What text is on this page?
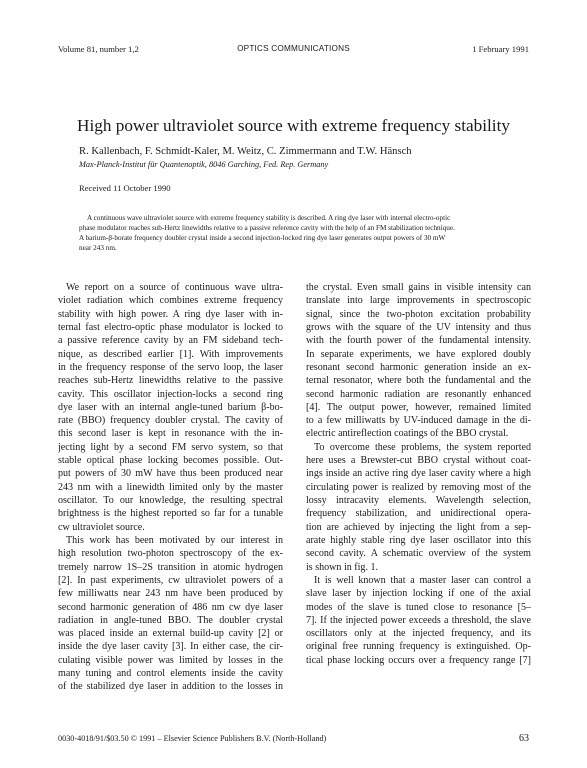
Volume 81, number 1,2	OPTICS COMMUNICATIONS	1 February 1991
High power ultraviolet source with extreme frequency stability
R. Kallenbach, F. Schmidt-Kaler, M. Weitz, C. Zimmermann and T.W. Hänsch
Max-Planck-Institut für Quantenoptik, 8046 Garching, Fed. Rep. Germany
Received 11 October 1990
A continuous wave ultraviolet source with extreme frequency stability is described. A ring dye laser with internal electro-optic
phase modulator reaches sub-Hertz linewidths relative to a passive reference cavity with the help of an FM stabilization technique.
A barium-β-borate frequency doubler crystal inside a second injection-locked ring dye laser generates output powers of 30 mW
near 243 nm.
We report on a source of continuous wave ultra-
violet radiation which combines extreme frequency
stability with high power. A ring dye laser with in-
ternal fast electro-optic phase modulator is locked to
a passive reference cavity by an FM sideband tech-
nique, as described earlier [1]. With improvements
in the frequency response of the servo loop, the laser
reaches sub-Hertz linewidths relative to the passive
cavity. This oscillator injection-locks a second ring
dye laser with an internal angle-tuned barium β-bo-
rate (BBO) frequency doubler crystal. The cavity of
this second laser is kept in resonance with the in-
jecting light by a second FM servo system, so that
stable optical phase locking becomes possible. Out-
put powers of 30 mW have thus been produced near
243 nm with a linewidth limited only by the master
oscillator. To our knowledge, the resulting spectral
brightness is the highest reported so far for a tunable
cw ultraviolet source.
This work has been motivated by our interest in
high resolution two-photon spectroscopy of the ex-
tremely narrow 1S–2S transition in atomic hydrogen
[2]. In past experiments, cw ultraviolet powers of a
few milliwatts near 243 nm have been produced by
second harmonic generation of 486 nm cw dye laser
radiation in angle-tuned BBO. The doubler crystal
was placed inside an external build-up cavity [2] or
inside the dye laser cavity [3]. In either case, the cir-
culating visible power was limited by losses in the
many tuning and control elements inside the cavity
of the stabilized dye laser in addition to the losses in
the crystal. Even small gains in visible intensity can
translate into large improvements in spectroscopic
signal, since the two-photon excitation probability
grows with the square of the UV intensity and thus
with the fourth power of the fundamental intensity.
In separate experiments, we have explored doubly
resonant second harmonic generation inside an ex-
ternal resonator, where both the fundamental and the
second harmonic radiation are resonantly enhanced
[4]. The output power, however, remained limited
to a few milliwatts by UV-induced damage in the di-
electric antireflection coatings of the BBO crystal.
To overcome these problems, the system reported
here uses a Brewster-cut BBO crystal without coat-
ings inside an active ring dye laser cavity where a high
circulating power is realized by removing most of the
lossy intracavity elements. Wavelength selection,
frequency stabilization, and unidirectional opera-
tion are achieved by injecting the light from a sep-
arate highly stable ring dye laser oscillator into this
second cavity. A schematic overview of the system
is shown in fig. 1.
It is well known that a master laser can control a
slave laser by injection locking if one of the axial
modes of the slave is tuned close to resonance [5–
7]. If the injected power exceeds a threshold, the slave
oscillators only at the injected frequency, and its
original free running frequency is extinguished. Op-
tical phase locking occurs over a frequency range [7]
0030-4018/91/$03.50 © 1991 – Elsevier Science Publishers B.V. (North-Holland)	63
